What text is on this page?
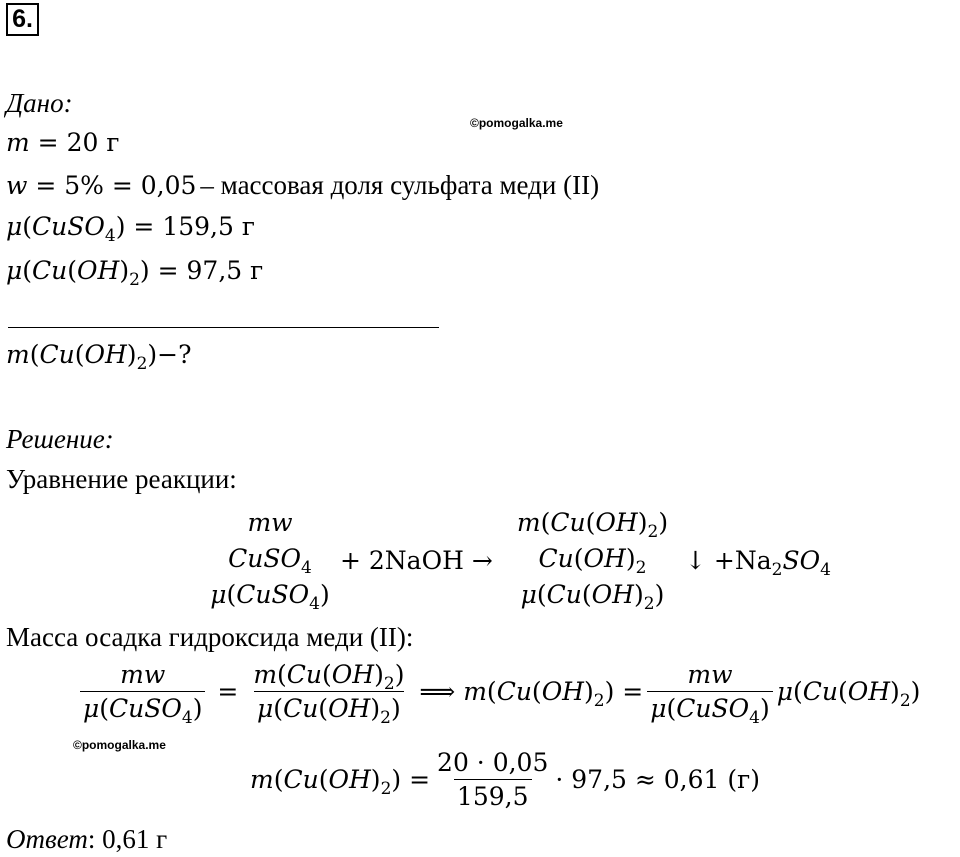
6.
©pomogalka.me
©pomogalka.me
Дано:
m = 20 г
w = 5% = 0,05 – массовая доля сульфата меди (II)
μ(CuSO$_4$) = 159,5 г
$\mu(Cu(OH)_2) = 97,5$ г
$m(Cu(OH)_2)-$?
Решение:
Уравнение реакции:
mw
CuSO$_4$
μ(CuSO$_4$)
+ 2NaOH →
$m(Cu(OH)_2)$
$Cu(OH)_2$
$\mu(Cu(OH)_2)$
↓ $+Na_2SO_4$
Масса осадка гидроксида меди (II):
$\frac{mw}{\mu(CuSO_4)} = \frac{m(Cu(OH)_2)}{\mu(Cu(OH)_2)}$ ⟹ $m(Cu(OH)_2) = \frac{mw}{\mu(CuSO_4)} \mu(Cu(OH)_2)$
$m(Cu(OH)_2) = \frac{20 \cdot 0,05}{159,5} \cdot 97,5 \approx 0,61$ (г)
Ответ: 0,61 г
